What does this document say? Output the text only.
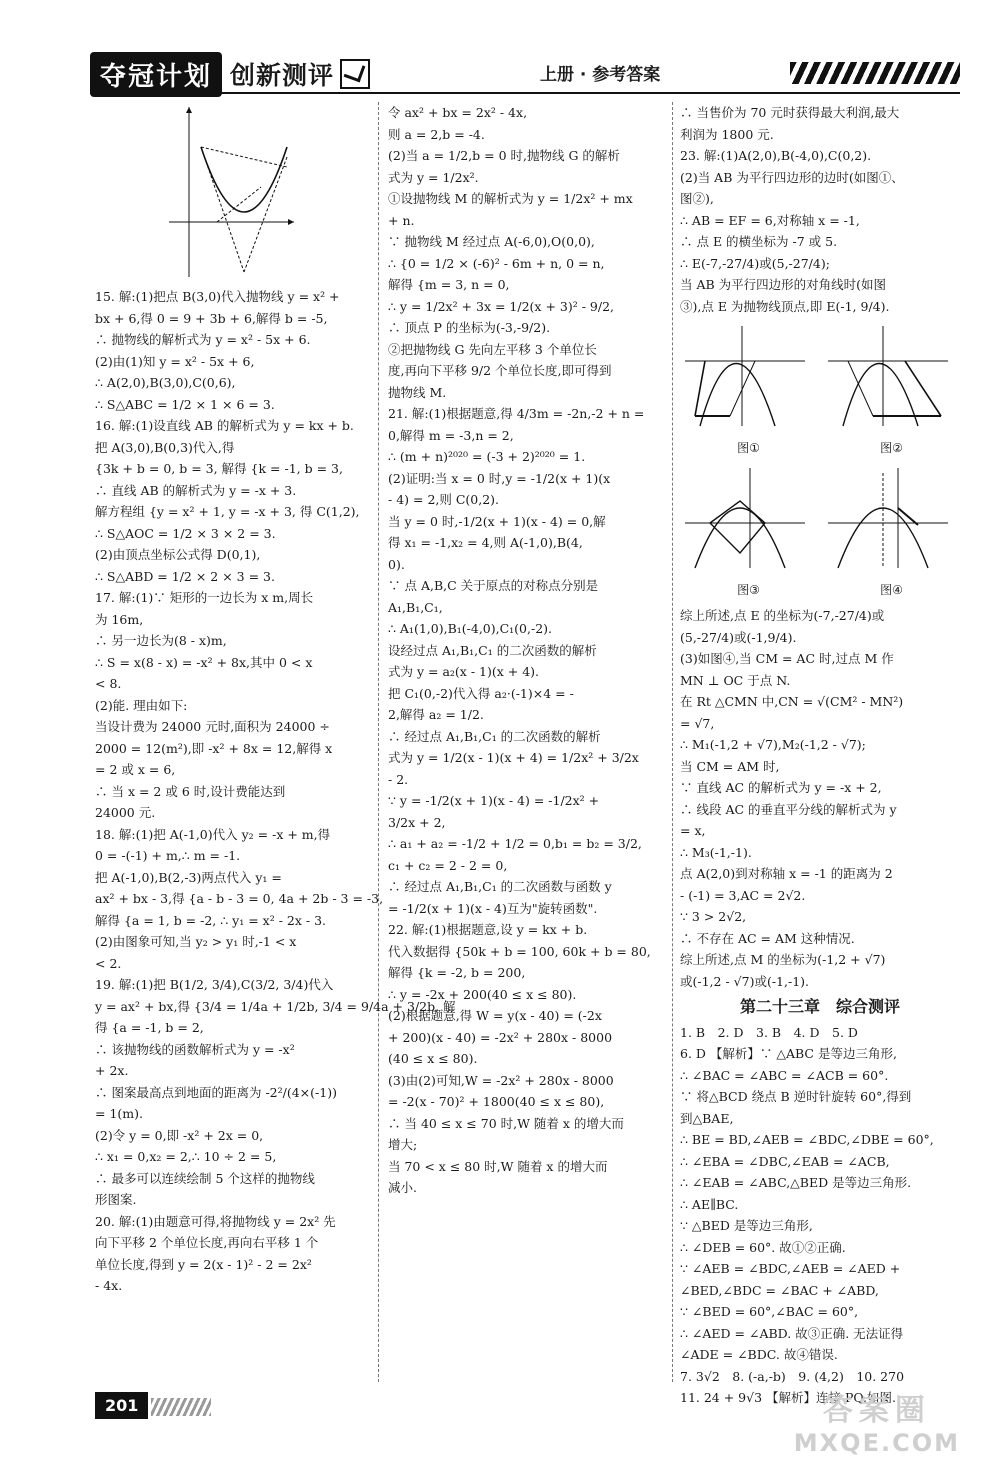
夺冠计划 创新测评	上册 · 参考答案
15. 解:(1)把点 B(3,0)代入抛物线 y = x² +
bx + 6,得 0 = 9 + 3b + 6,解得 b = -5,
∴ 抛物线的解析式为 y = x² - 5x + 6.
(2)由(1)知 y = x² - 5x + 6,
∴ A(2,0),B(3,0),C(0,6),
∴ S△ABC = 1/2 × 1 × 6 = 3.
16. 解:(1)设直线 AB 的解析式为 y = kx + b.
把 A(3,0),B(0,3)代入,得
{3k + b = 0, b = 3, 解得 {k = -1, b = 3,
∴ 直线 AB 的解析式为 y = -x + 3.
解方程组 {y = x² + 1, y = -x + 3, 得 C(1,2),
∴ S△AOC = 1/2 × 3 × 2 = 3.
(2)由顶点坐标公式得 D(0,1),
∴ S△ABD = 1/2 × 2 × 3 = 3.
17. 解:(1)∵ 矩形的一边长为 x m,周长
为 16m,
∴ 另一边长为(8 - x)m,
∴ S = x(8 - x) = -x² + 8x,其中 0 < x
< 8.
(2)能. 理由如下:
当设计费为 24000 元时,面积为 24000 ÷
2000 = 12(m²),即 -x² + 8x = 12,解得 x
= 2 或 x = 6,
∴ 当 x = 2 或 6 时,设计费能达到
24000 元.
18. 解:(1)把 A(-1,0)代入 y₂ = -x + m,得
0 = -(-1) + m,∴ m = -1.
把 A(-1,0),B(2,-3)两点代入 y₁ =
ax² + bx - 3,得 {a - b - 3 = 0, 4a + 2b - 3 = -3,
解得 {a = 1, b = -2, ∴ y₁ = x² - 2x - 3.
(2)由图象可知,当 y₂ > y₁ 时,-1 < x
< 2.
19. 解:(1)把 B(1/2, 3/4),C(3/2, 3/4)代入
y = ax² + bx,得 {3/4 = 1/4a + 1/2b, 3/4 = 9/4a + 3/2b, 解
得 {a = -1, b = 2,
∴ 该抛物线的函数解析式为 y = -x²
+ 2x.
∴ 图案最高点到地面的距离为 -2²/(4×(-1))
= 1(m).
(2)令 y = 0,即 -x² + 2x = 0,
∴ x₁ = 0,x₂ = 2,∴ 10 ÷ 2 = 5,
∴ 最多可以连续绘制 5 个这样的抛物线
形图案.
20. 解:(1)由题意可得,将抛物线 y = 2x² 先
向下平移 2 个单位长度,再向右平移 1 个
单位长度,得到 y = 2(x - 1)² - 2 = 2x²
- 4x.
令 ax² + bx = 2x² - 4x,
则 a = 2,b = -4.
(2)当 a = 1/2,b = 0 时,抛物线 G 的解析
式为 y = 1/2x².
①设抛物线 M 的解析式为 y = 1/2x² + mx
+ n.
∵ 抛物线 M 经过点 A(-6,0),O(0,0),
∴ {0 = 1/2 × (-6)² - 6m + n, 0 = n,
解得 {m = 3, n = 0,
∴ y = 1/2x² + 3x = 1/2(x + 3)² - 9/2,
∴ 顶点 P 的坐标为(-3,-9/2).
②把抛物线 G 先向左平移 3 个单位长
度,再向下平移 9/2 个单位长度,即可得到
抛物线 M.
21. 解:(1)根据题意,得 4/3m = -2n,-2 + n =
0,解得 m = -3,n = 2,
∴ (m + n)²⁰²⁰ = (-3 + 2)²⁰²⁰ = 1.
(2)证明:当 x = 0 时,y = -1/2(x + 1)(x
- 4) = 2,则 C(0,2).
当 y = 0 时,-1/2(x + 1)(x - 4) = 0,解
得 x₁ = -1,x₂ = 4,则 A(-1,0),B(4,
0).
∵ 点 A,B,C 关于原点的对称点分别是
A₁,B₁,C₁,
∴ A₁(1,0),B₁(-4,0),C₁(0,-2).
设经过点 A₁,B₁,C₁ 的二次函数的解析
式为 y = a₂(x - 1)(x + 4).
把 C₁(0,-2)代入得 a₂·(-1)×4 = -
2,解得 a₂ = 1/2.
∴ 经过点 A₁,B₁,C₁ 的二次函数的解析
式为 y = 1/2(x - 1)(x + 4) = 1/2x² + 3/2x
- 2.
∵ y = -1/2(x + 1)(x - 4) = -1/2x² +
3/2x + 2,
∴ a₁ + a₂ = -1/2 + 1/2 = 0,b₁ = b₂ = 3/2,
c₁ + c₂ = 2 - 2 = 0,
∴ 经过点 A₁,B₁,C₁ 的二次函数与函数 y
= -1/2(x + 1)(x - 4)互为"旋转函数".
22. 解:(1)根据题意,设 y = kx + b.
代入数据得 {50k + b = 100, 60k + b = 80,
解得 {k = -2, b = 200,
∴ y = -2x + 200(40 ≤ x ≤ 80).
(2)根据题意,得 W = y(x - 40) = (-2x
+ 200)(x - 40) = -2x² + 280x - 8000
(40 ≤ x ≤ 80).
(3)由(2)可知,W = -2x² + 280x - 8000
= -2(x - 70)² + 1800(40 ≤ x ≤ 80),
∴ 当 40 ≤ x ≤ 70 时,W 随着 x 的增大而
增大;
当 70 < x ≤ 80 时,W 随着 x 的增大而
减小.
∴ 当售价为 70 元时获得最大利润,最大
利润为 1800 元.
23. 解:(1)A(2,0),B(-4,0),C(0,2).
(2)当 AB 为平行四边形的边时(如图①、
图②),
∴ AB = EF = 6,对称轴 x = -1,
∴ 点 E 的横坐标为 -7 或 5.
∴ E(-7,-27/4)或(5,-27/4);
当 AB 为平行四边形的对角线时(如图
③),点 E 为抛物线顶点,即 E(-1, 9/4).
图①	图②
图③	图④
综上所述,点 E 的坐标为(-7,-27/4)或
(5,-27/4)或(-1,9/4).
(3)如图④,当 CM = AC 时,过点 M 作
MN ⊥ OC 于点 N.
在 Rt △CMN 中,CN = √(CM² - MN²)
= √7,
∴ M₁(-1,2 + √7),M₂(-1,2 - √7);
当 CM = AM 时,
∵ 直线 AC 的解析式为 y = -x + 2,
∴ 线段 AC 的垂直平分线的解析式为 y
= x,
∴ M₃(-1,-1).
点 A(2,0)到对称轴 x = -1 的距离为 2
- (-1) = 3,AC = 2√2.
∵ 3 > 2√2,
∴ 不存在 AC = AM 这种情况.
综上所述,点 M 的坐标为(-1,2 + √7)
或(-1,2 - √7)或(-1,-1).
第二十三章　综合测评
1. B　2. D　3. B　4. D　5. D
6. D 【解析】∵ △ABC 是等边三角形,
∴ ∠BAC = ∠ABC = ∠ACB = 60°.
∵ 将△BCD 绕点 B 逆时针旋转 60°,得到
到△BAE,
∴ BE = BD,∠AEB = ∠BDC,∠DBE = 60°,
∴ ∠EBA = ∠DBC,∠EAB = ∠ACB,
∴ ∠EAB = ∠ABC,△BED 是等边三角形.
∴ AE∥BC.
∵ △BED 是等边三角形,
∴ ∠DEB = 60°. 故①②正确.
∵ ∠AEB = ∠BDC,∠AEB = ∠AED +
∠BED,∠BDC = ∠BAC + ∠ABD,
∵ ∠BED = 60°,∠BAC = 60°,
∴ ∠AED = ∠ABD. 故③正确. 无法证得
∠ADE = ∠BDC. 故④错误.
7. 3√2　8. (-a,-b)　9. (4,2)　10. 270
11. 24 + 9√3 【解析】连接 PQ,如图.
201	答案圈
MXQE.COM
